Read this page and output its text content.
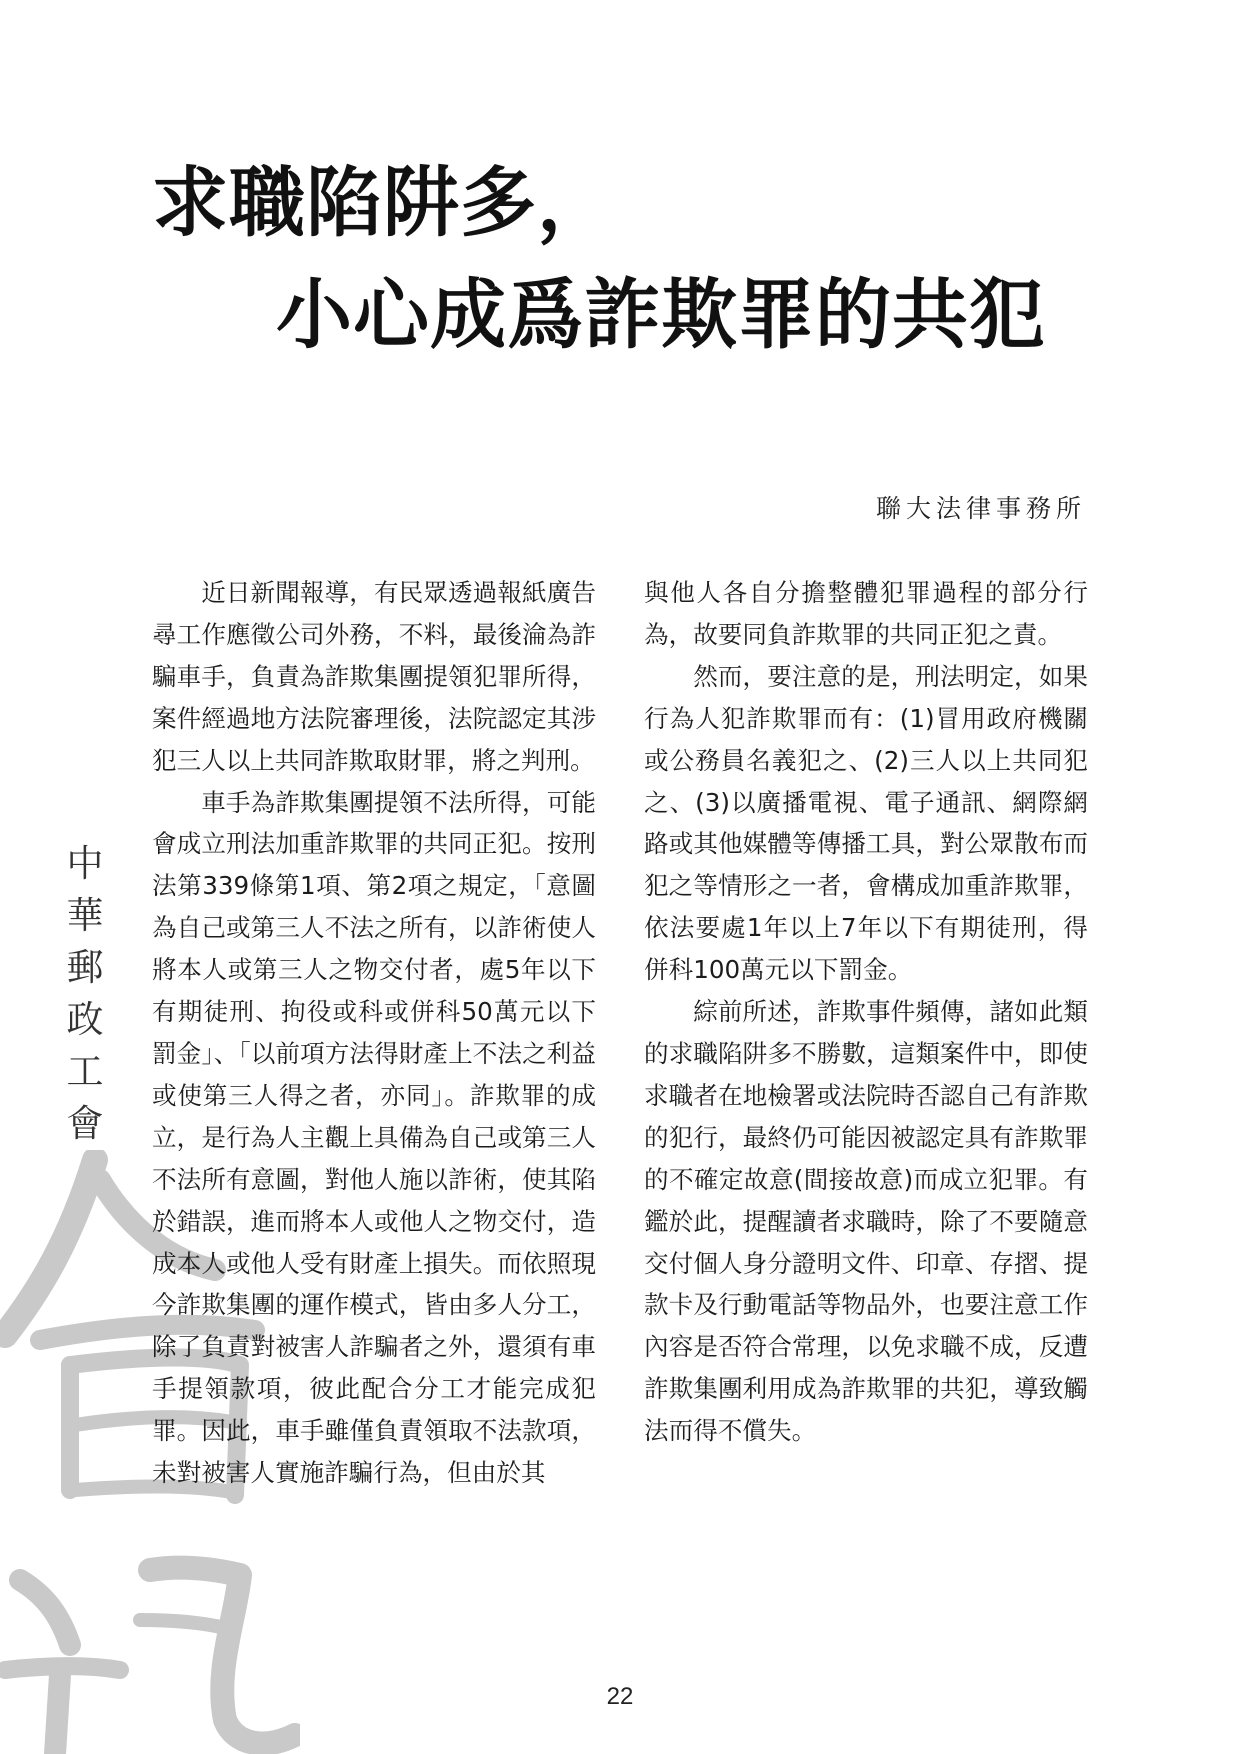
求職陷阱多，
小心成爲詐欺罪的共犯

聯大法律事務所

中
華
郵
政
工
會

近日新聞報導，有民眾透過報紙廣告尋工作應徵公司外務，不料，最後淪為詐騙車手，負責為詐欺集團提領犯罪所得，案件經過地方法院審理後，法院認定其涉犯三人以上共同詐欺取財罪，將之判刑。

車手為詐欺集團提領不法所得，可能會成立刑法加重詐欺罪的共同正犯。按刑法第339條第1項、第2項之規定，「意圖為自己或第三人不法之所有，以詐術使人將本人或第三人之物交付者，處5年以下有期徒刑、拘役或科或併科50萬元以下罰金」、「以前項方法得財產上不法之利益或使第三人得之者，亦同」。詐欺罪的成立，是行為人主觀上具備為自己或第三人不法所有意圖，對他人施以詐術，使其陷於錯誤，進而將本人或他人之物交付，造成本人或他人受有財產上損失。而依照現今詐欺集團的運作模式，皆由多人分工，除了負責對被害人詐騙者之外，還須有車手提領款項，彼此配合分工才能完成犯罪。因此，車手雖僅負責領取不法款項，未對被害人實施詐騙行為，但由於其

與他人各自分擔整體犯罪過程的部分行為，故要同負詐欺罪的共同正犯之責。

然而，要注意的是，刑法明定，如果行為人犯詐欺罪而有：(1)冒用政府機關或公務員名義犯之、(2)三人以上共同犯之、(3)以廣播電視、電子通訊、網際網路或其他媒體等傳播工具，對公眾散布而犯之等情形之一者，會構成加重詐欺罪，依法要處1年以上7年以下有期徒刑，得併科100萬元以下罰金。

綜前所述，詐欺事件頻傳，諸如此類的求職陷阱多不勝數，這類案件中，即使求職者在地檢署或法院時否認自己有詐欺的犯行，最終仍可能因被認定具有詐欺罪的不確定故意(間接故意)而成立犯罪。有鑑於此，提醒讀者求職時，除了不要隨意交付個人身分證明文件、印章、存摺、提款卡及行動電話等物品外，也要注意工作內容是否符合常理，以免求職不成，反遭詐欺集團利用成為詐欺罪的共犯，導致觸法而得不償失。

22
